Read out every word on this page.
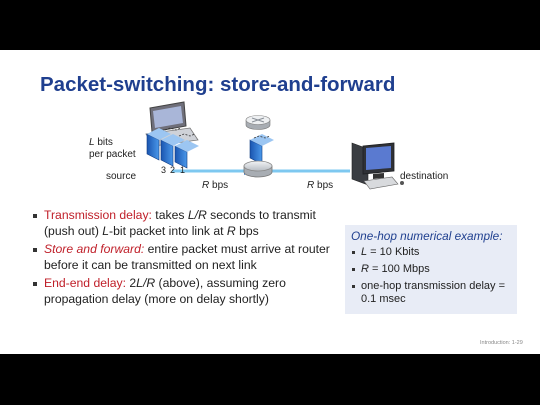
Packet-switching: store-and-forward
L bits
per packet
source
3 2 1
R bps	R bps
destination
Transmission delay: takes L/R seconds to transmit (push out) L-bit packet into link at R bps
Store and forward: entire packet must arrive at router before it can be transmitted on next link
End-end delay: 2L/R (above), assuming zero propagation delay (more on delay shortly)
One-hop numerical example:
L = 10 Kbits
R = 100 Mbps
one-hop transmission delay = 0.1 msec
Introduction: 1-29
